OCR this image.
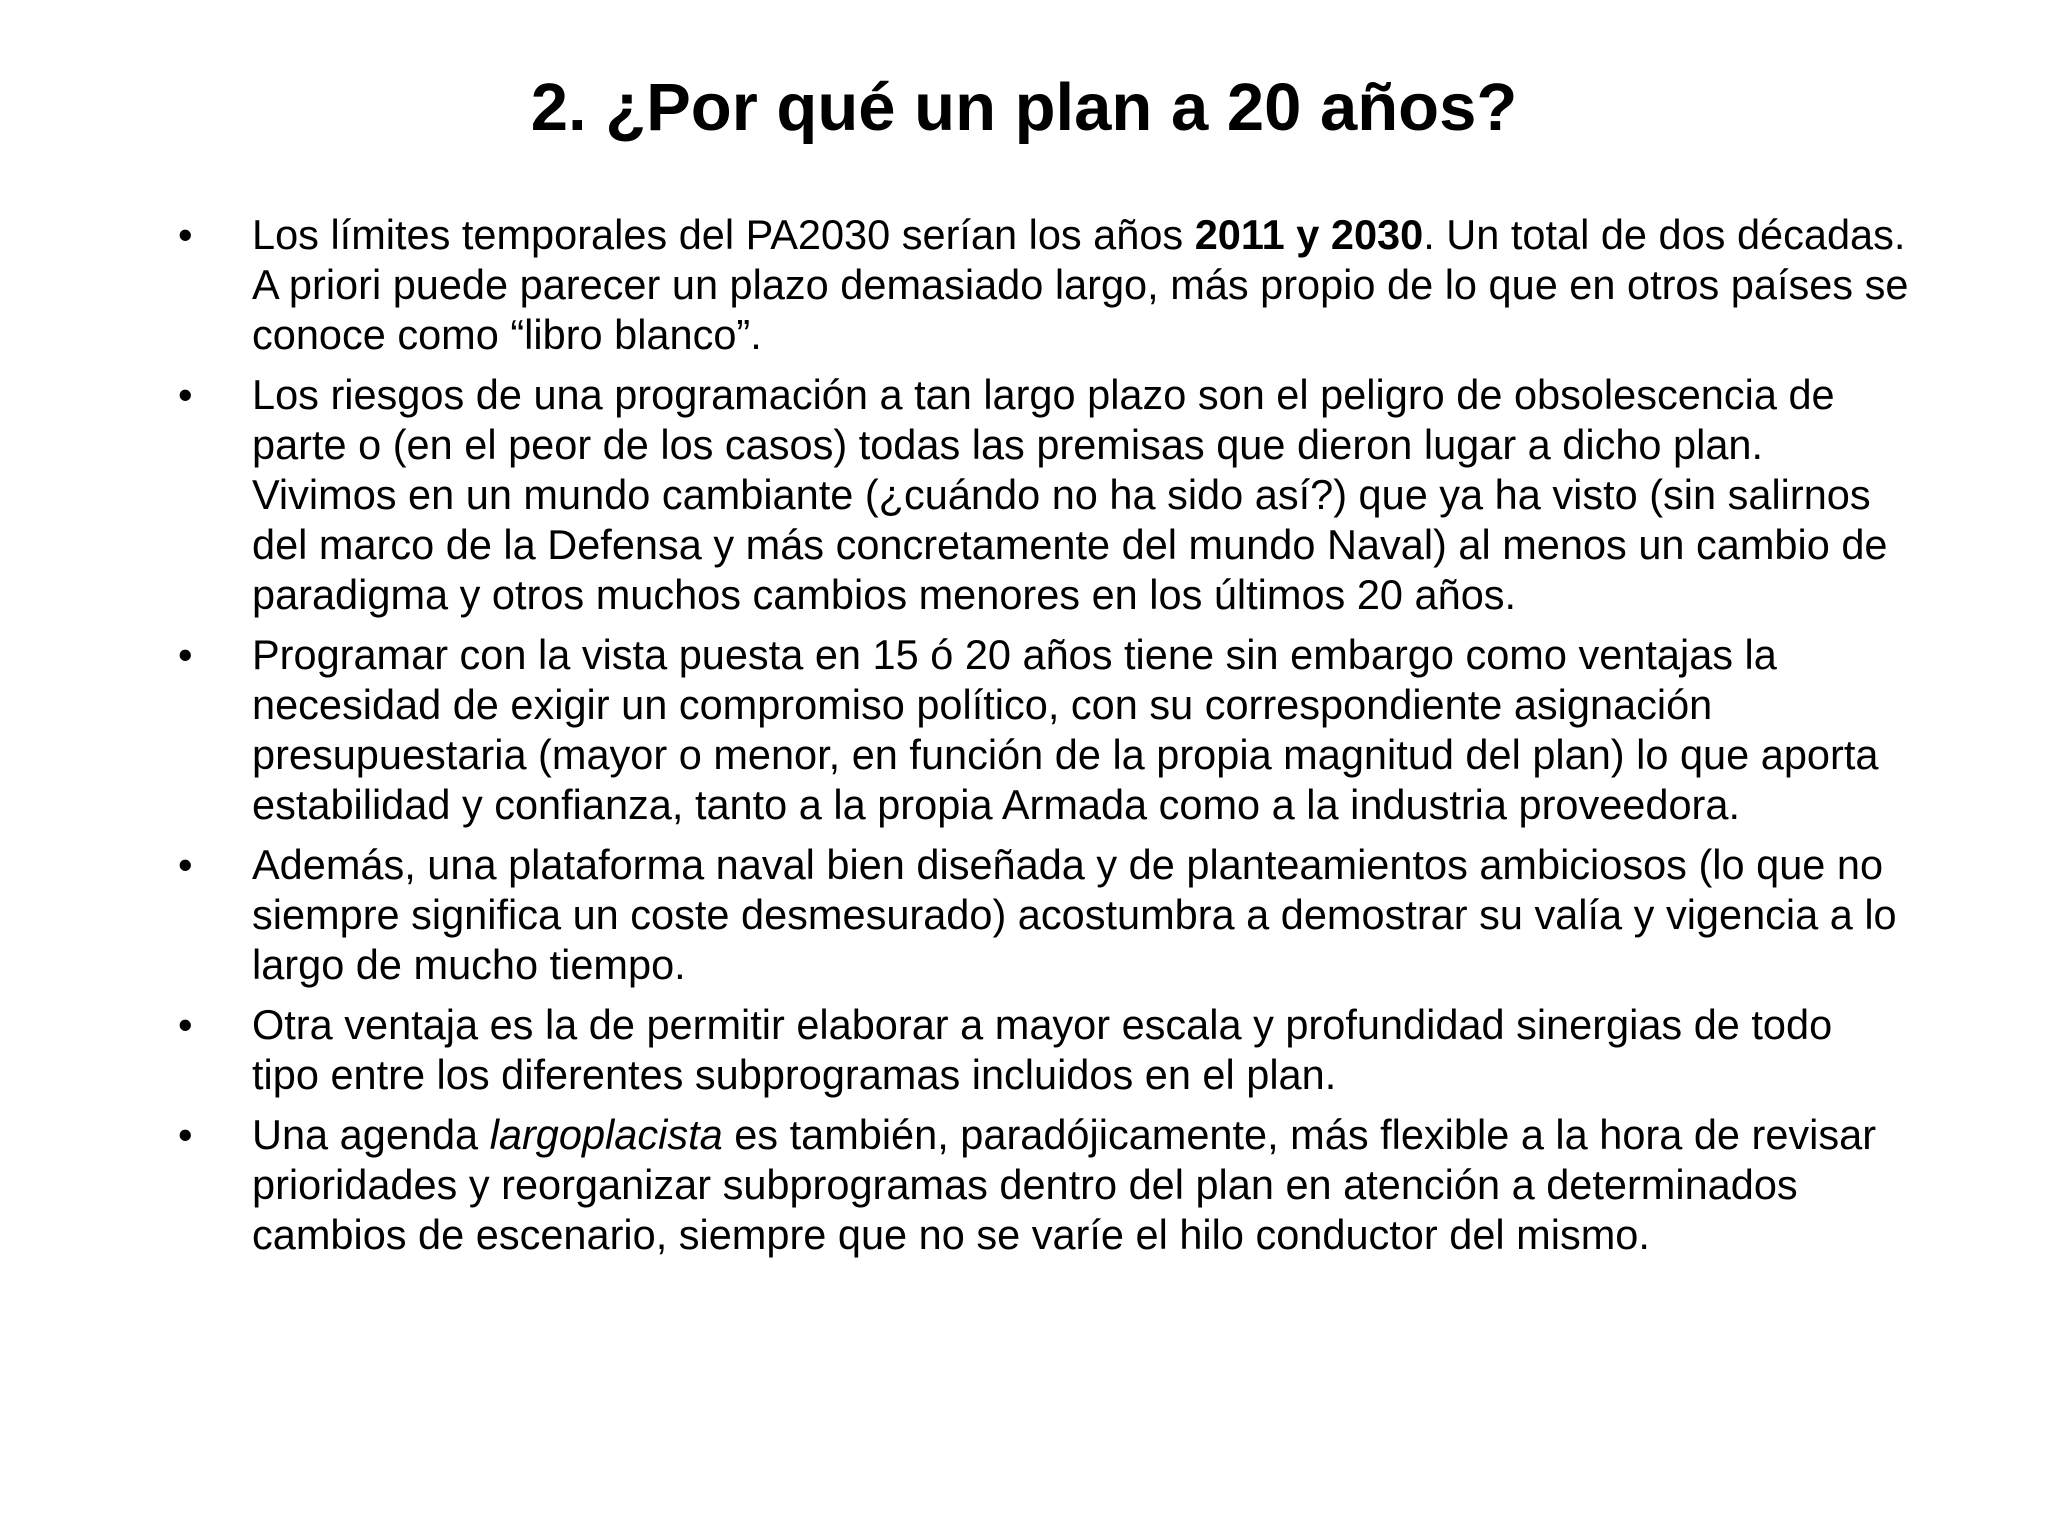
2. ¿Por qué un plan a 20 años?
•	Los límites temporales del PA2030 serían los años 2011 y 2030. Un total de dos décadas. A priori puede parecer un plazo demasiado largo, más propio de lo que en otros países se conoce como “libro blanco”.
•	Los riesgos de una programación a tan largo plazo son el peligro de obsolescencia de parte o (en el peor de los casos) todas las premisas que dieron lugar a dicho plan. Vivimos en un mundo cambiante (¿cuándo no ha sido así?) que ya ha visto (sin salirnos del marco de la Defensa y más concretamente del mundo Naval) al menos un cambio de paradigma y otros muchos cambios menores en los últimos 20 años.
•	Programar con la vista puesta en 15 ó 20 años tiene sin embargo como ventajas la necesidad de exigir un compromiso político, con su correspondiente asignación presupuestaria (mayor o menor, en función de la propia magnitud del plan) lo que aporta estabilidad y confianza, tanto a la propia Armada como a la industria proveedora.
•	Además, una plataforma naval bien diseñada y de planteamientos ambiciosos (lo que no siempre significa un coste desmesurado) acostumbra a demostrar su valía y vigencia a lo largo de mucho tiempo.
•	Otra ventaja es la de permitir elaborar a mayor escala y profundidad sinergias de todo tipo entre los diferentes subprogramas incluidos en el plan.
•	Una agenda largoplacista es también, paradójicamente, más flexible a la hora de revisar prioridades y reorganizar subprogramas dentro del plan en atención a determinados cambios de escenario, siempre que no se varíe el hilo conductor del mismo.
